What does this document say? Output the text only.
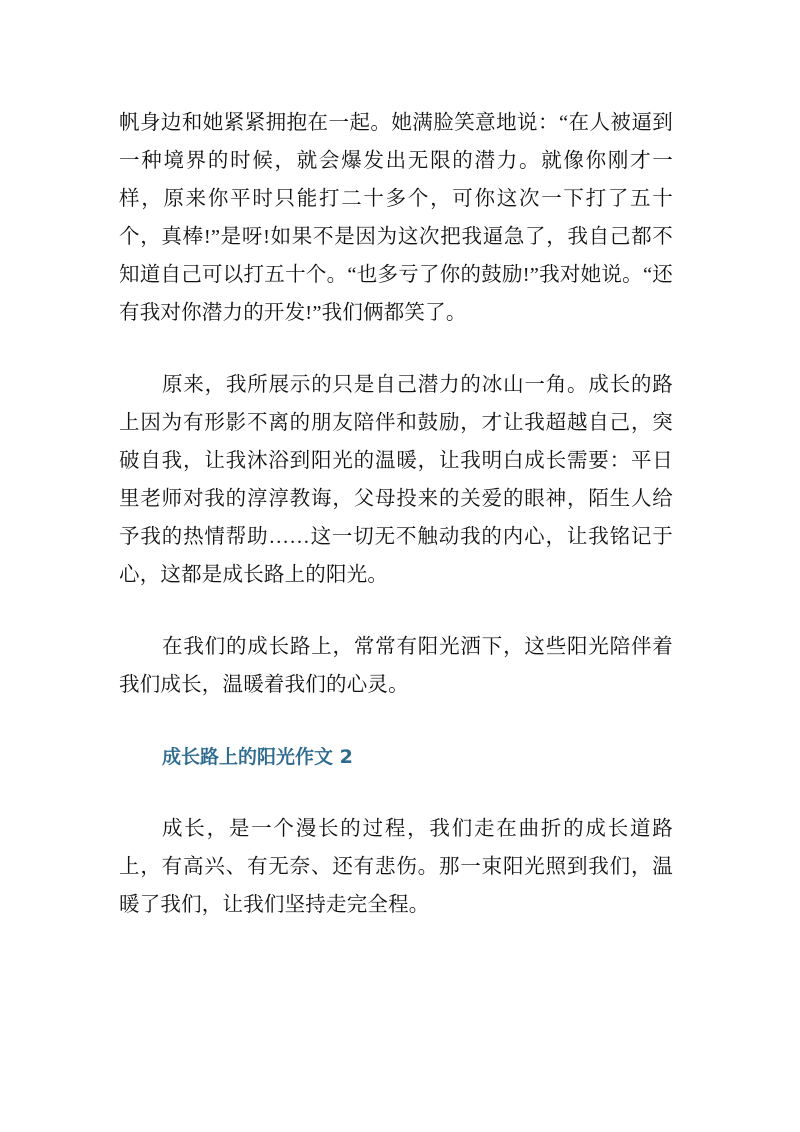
帆身边和她紧紧拥抱在一起。她满脸笑意地说：“在人被逼到一种境界的时候，就会爆发出无限的潜力。就像你刚才一样，原来你平时只能打二十多个，可你这次一下打了五十个，真棒!”是呀!如果不是因为这次把我逼急了，我自己都不知道自己可以打五十个。“也多亏了你的鼓励!”我对她说。“还有我对你潜力的开发!”我们俩都笑了。

原来，我所展示的只是自己潜力的冰山一角。成长的路上因为有形影不离的朋友陪伴和鼓励，才让我超越自己，突破自我，让我沐浴到阳光的温暖，让我明白成长需要：平日里老师对我的淳淳教诲，父母投来的关爱的眼神，陌生人给予我的热情帮助……这一切无不触动我的内心，让我铭记于心，这都是成长路上的阳光。

在我们的成长路上，常常有阳光洒下，这些阳光陪伴着我们成长，温暖着我们的心灵。

成长路上的阳光作文 2

成长，是一个漫长的过程，我们走在曲折的成长道路上，有高兴、有无奈、还有悲伤。那一束阳光照到我们，温暖了我们，让我们坚持走完全程。
